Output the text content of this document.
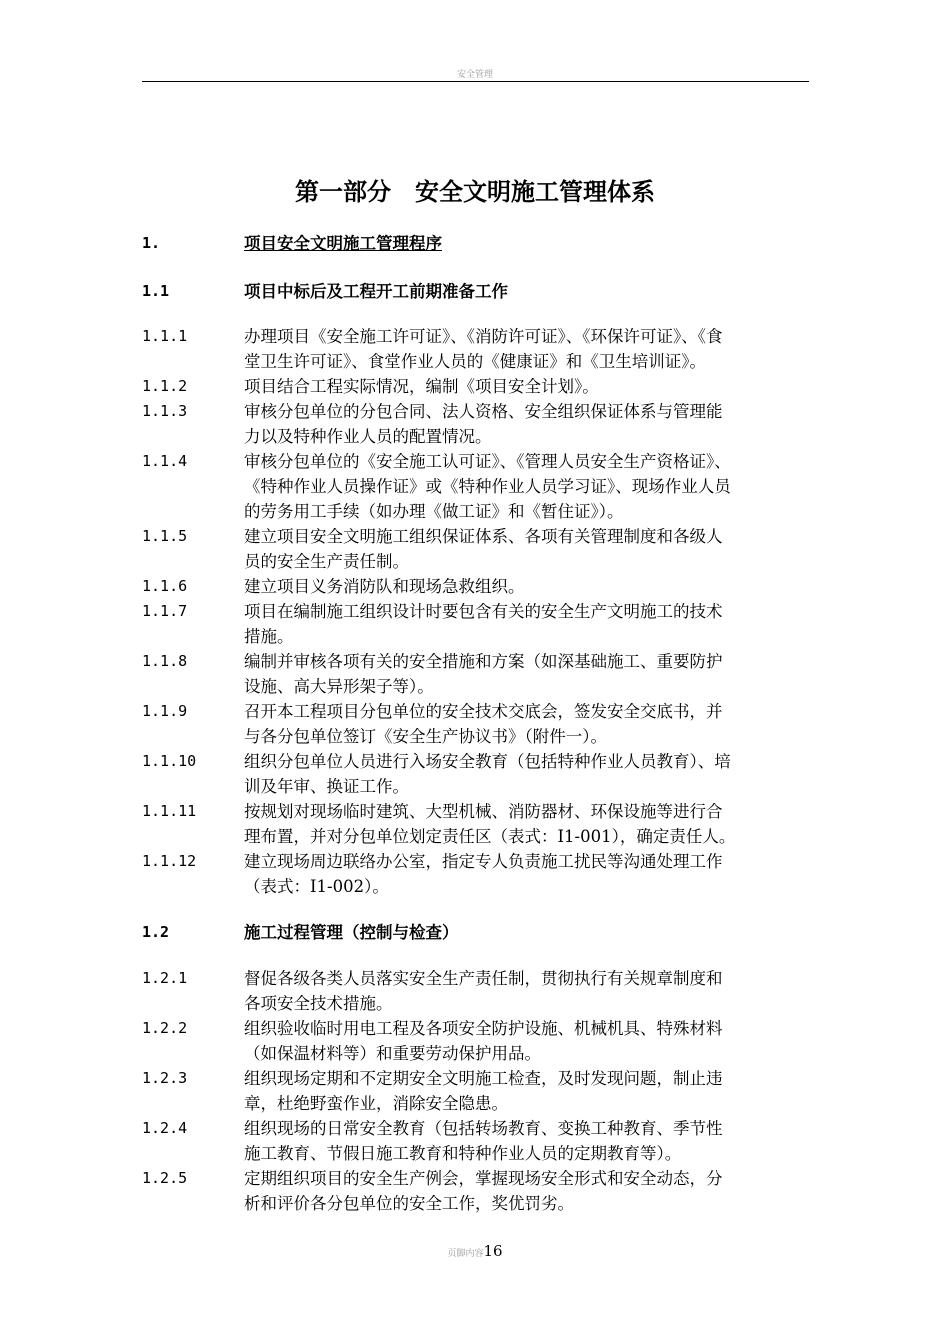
安全管理
第一部分　安全文明施工管理体系
1.	项目安全文明施工管理程序
1.1	项目中标后及工程开工前期准备工作
1.1.1	办理项目《安全施工许可证》、《消防许可证》、《环保许可证》、《食
堂卫生许可证》、食堂作业人员的《健康证》和《卫生培训证》。
1.1.2	项目结合工程实际情况，编制《项目安全计划》。
1.1.3	审核分包单位的分包合同、法人资格、安全组织保证体系与管理能
力以及特种作业人员的配置情况。
1.1.4	审核分包单位的《安全施工认可证》、《管理人员安全生产资格证》、
《特种作业人员操作证》或《特种作业人员学习证》、现场作业人员
的劳务用工手续（如办理《做工证》和《暂住证》）。
1.1.5	建立项目安全文明施工组织保证体系、各项有关管理制度和各级人
员的安全生产责任制。
1.1.6	建立项目义务消防队和现场急救组织。
1.1.7	项目在编制施工组织设计时要包含有关的安全生产文明施工的技术
措施。
1.1.8	编制并审核各项有关的安全措施和方案（如深基础施工、重要防护
设施、高大异形架子等）。
1.1.9	召开本工程项目分包单位的安全技术交底会，签发安全交底书，并
与各分包单位签订《安全生产协议书》（附件一）。
1.1.10	组织分包单位人员进行入场安全教育（包括特种作业人员教育）、培
训及年审、换证工作。
1.1.11	按规划对现场临时建筑、大型机械、消防器材、环保设施等进行合
理布置，并对分包单位划定责任区（表式：Ⅰ1-001），确定责任人。
1.1.12	建立现场周边联络办公室，指定专人负责施工扰民等沟通处理工作
（表式：Ⅰ1-002）。
1.2	施工过程管理（控制与检查）
1.2.1	督促各级各类人员落实安全生产责任制，贯彻执行有关规章制度和
各项安全技术措施。
1.2.2	组织验收临时用电工程及各项安全防护设施、机械机具、特殊材料
（如保温材料等）和重要劳动保护用品。
1.2.3	组织现场定期和不定期安全文明施工检查，及时发现问题，制止违
章，杜绝野蛮作业，消除安全隐患。
1.2.4	组织现场的日常安全教育（包括转场教育、变换工种教育、季节性
施工教育、节假日施工教育和特种作业人员的定期教育等）。
1.2.5	定期组织项目的安全生产例会，掌握现场安全形式和安全动态，分
析和评价各分包单位的安全工作，奖优罚劣。
页脚内容16
